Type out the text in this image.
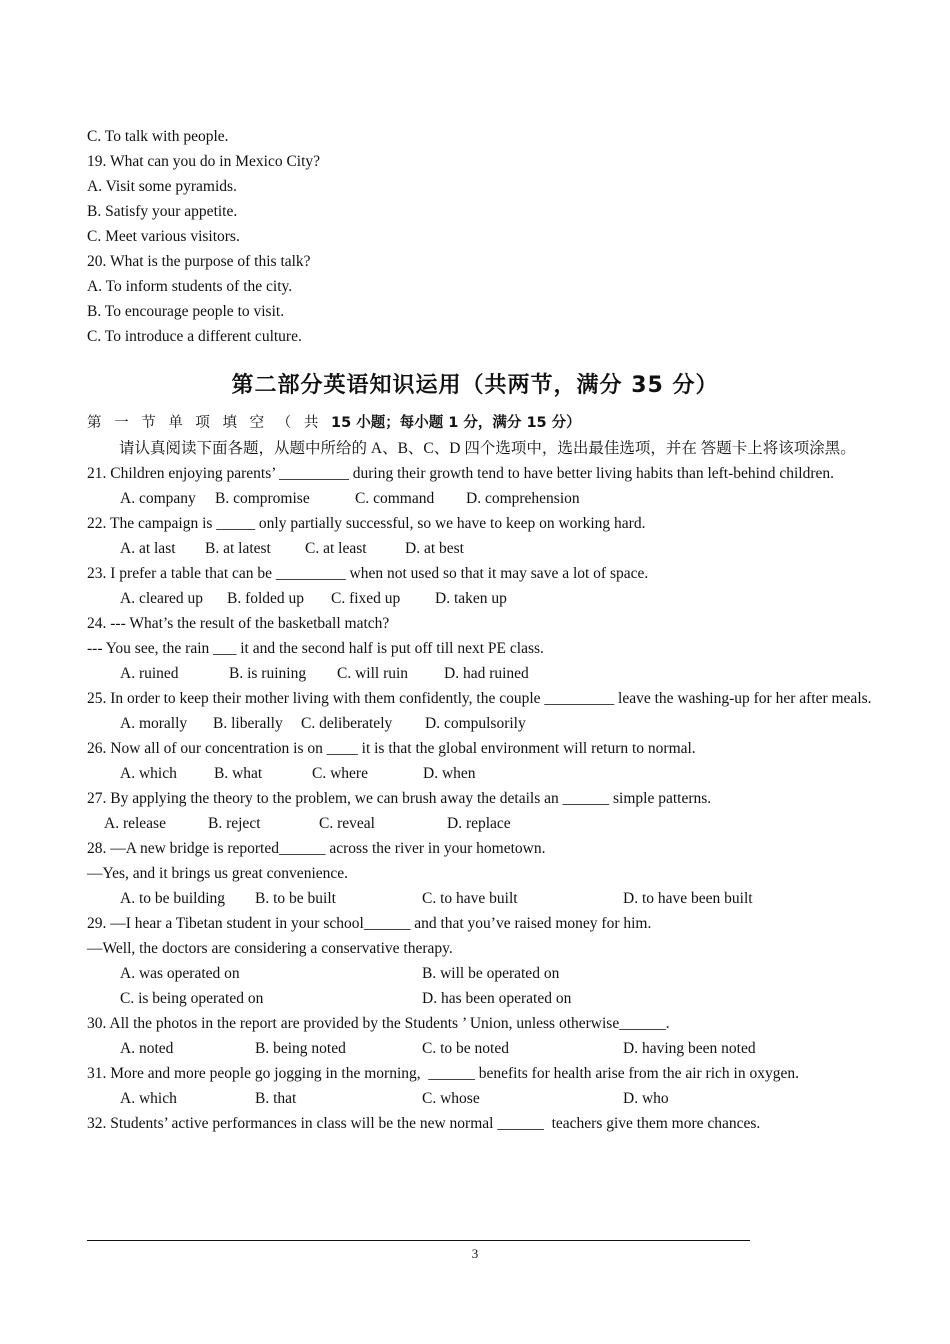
C. To talk with people.
19. What can you do in Mexico City?
A. Visit some pyramids.
B. Satisfy your appetite.
C. Meet various visitors.
20. What is the purpose of this talk?
A. To inform students of the city.
B. To encourage people to visit.
C. To introduce a different culture.
第二部分英语知识运用（共两节，满分 35 分）
第 一 节 单 项 填 空 （ 共 15 小题；每小题 1 分，满分 15 分）
请认真阅读下面各题，从题中所给的 A、B、C、D 四个选项中，选出最佳选项，并在 答题卡上将该项涂黑。
21. Children enjoying parents’ _________ during their growth tend to have better living habits than left-behind children.
A. company	B. compromise	C. command	D. comprehension
22. The campaign is _____ only partially successful, so we have to keep on working hard.
A. at last	B. at latest	C. at least	D. at best
23. I prefer a table that can be _________ when not used so that it may save a lot of space.
A. cleared up	B. folded up	C. fixed up	D. taken up
24. --- What’s the result of the basketball match?
--- You see, the rain ___ it and the second half is put off till next PE class.
A. ruined	B. is ruining	C. will ruin	D. had ruined
25. In order to keep their mother living with them confidently, the couple _________ leave the washing-up for her after meals.
A. morally	B. liberally	C. deliberately	D. compulsorily
26. Now all of our concentration is on ____ it is that the global environment will return to normal.
A. which	B. what	C. where	D. when
27. By applying the theory to the problem, we can brush away the details an ______ simple patterns.
A. release	B. reject	C. reveal	D. replace
28. —A new bridge is reported______ across the river in your hometown.
—Yes, and it brings us great convenience.
A. to be building	B. to be built	C. to have built	D. to have been built
29. —I hear a Tibetan student in your school______ and that you’ve raised money for him.
—Well, the doctors are considering a conservative therapy.
A. was operated on	B. will be operated on
C. is being operated on	D. has been operated on
30. All the photos in the report are provided by the Students ’ Union, unless otherwise______.
A. noted	B. being noted	C. to be noted	D. having been noted
31. More and more people go jogging in the morning,  ______ benefits for health arise from the air rich in oxygen.
A. which	B. that	C. whose	D. who
32. Students’ active performances in class will be the new normal ______  teachers give them more chances.
3
